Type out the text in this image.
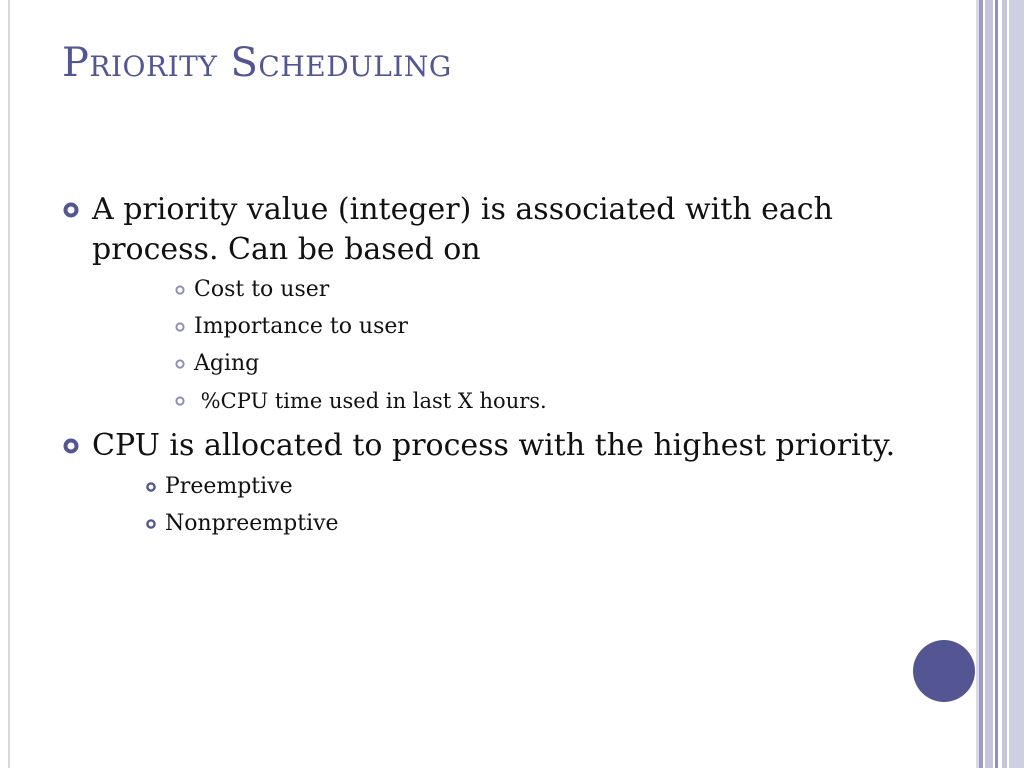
Priority Scheduling
A priority value (integer) is associated with each
process. Can be based on
Cost to user
Importance to user
Aging
%CPU time used in last X hours.
CPU is allocated to process with the highest priority.
Preemptive
Nonpreemptive
